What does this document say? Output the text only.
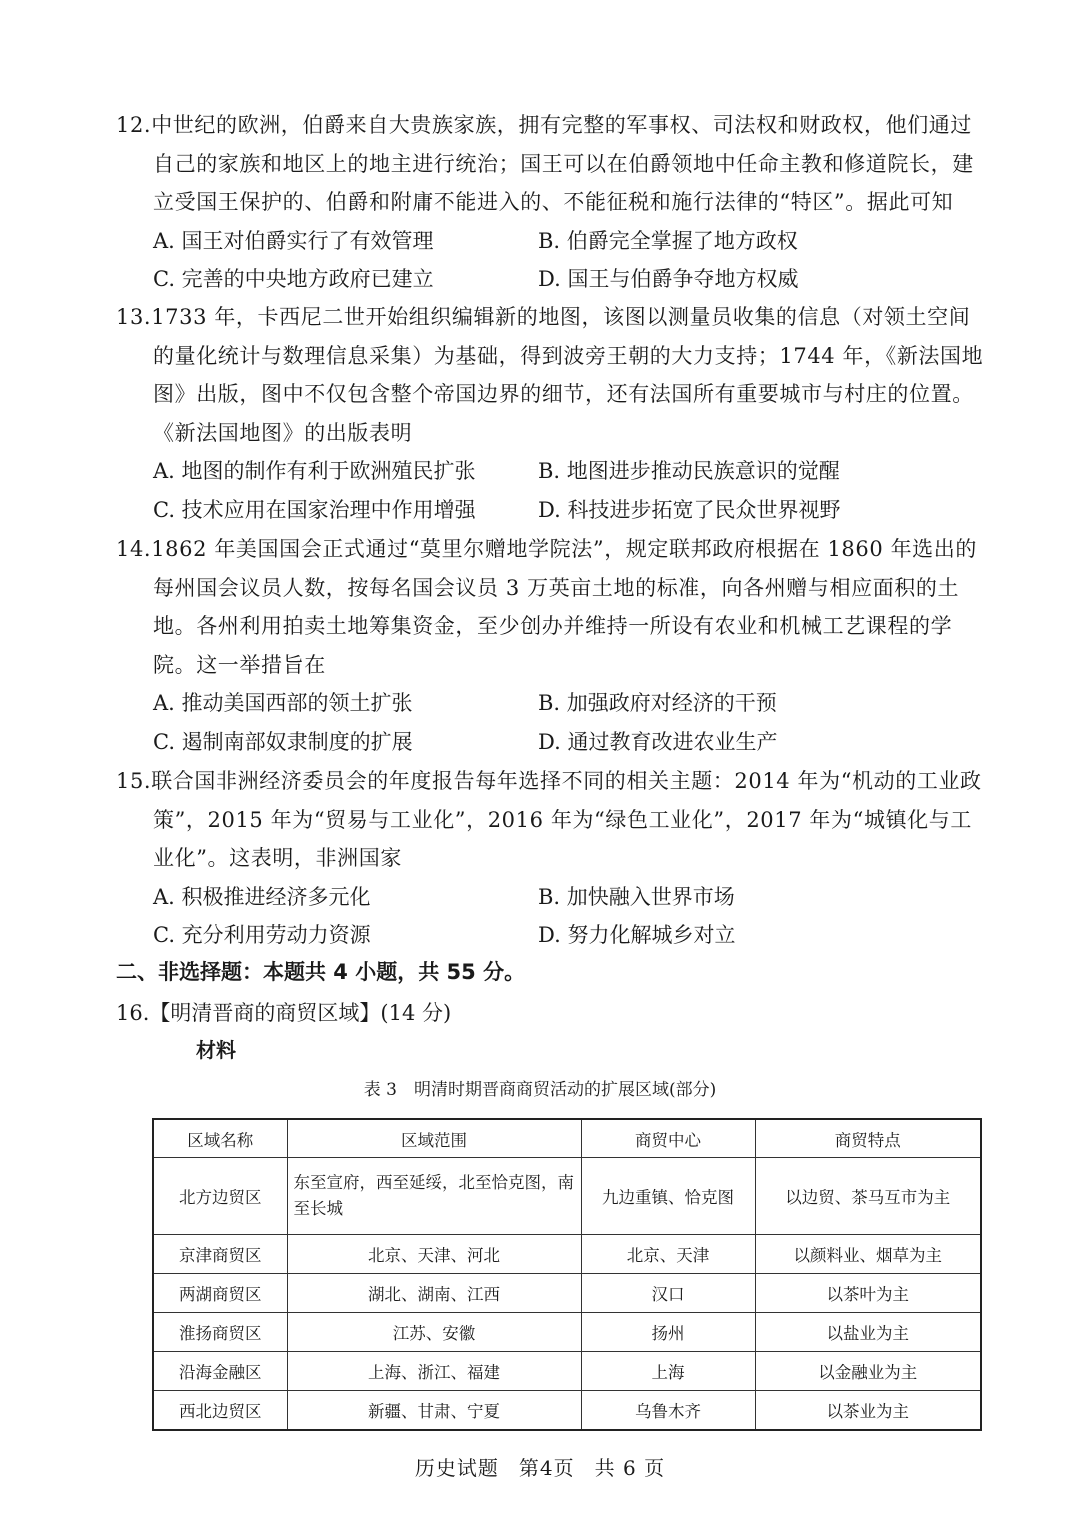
12.中世纪的欧洲，伯爵来自大贵族家族，拥有完整的军事权、司法权和财政权，他们通过自己的家族和地区上的地主进行统治；国王可以在伯爵领地中任命主教和修道院长，建立受国王保护的、伯爵和附庸不能进入的、不能征税和施行法律的“特区”。据此可知
A. 国王对伯爵实行了有效管理	B. 伯爵完全掌握了地方政权
C. 完善的中央地方政府已建立	D. 国王与伯爵争夺地方权威
13.1733 年，卡西尼二世开始组织编辑新的地图，该图以测量员收集的信息（对领土空间的量化统计与数理信息采集）为基础，得到波旁王朝的大力支持；1744 年，《新法国地图》出版，图中不仅包含整个帝国边界的细节，还有法国所有重要城市与村庄的位置。《新法国地图》的出版表明
A. 地图的制作有利于欧洲殖民扩张	B. 地图进步推动民族意识的觉醒
C. 技术应用在国家治理中作用增强	D. 科技进步拓宽了民众世界视野
14.1862 年美国国会正式通过“莫里尔赠地学院法”，规定联邦政府根据在 1860 年选出的每州国会议员人数，按每名国会议员 3 万英亩土地的标准，向各州赠与相应面积的土地。各州利用拍卖土地筹集资金，至少创办并维持一所设有农业和机械工艺课程的学院。这一举措旨在
A. 推动美国西部的领土扩张	B. 加强政府对经济的干预
C. 遏制南部奴隶制度的扩展	D. 通过教育改进农业生产
15.联合国非洲经济委员会的年度报告每年选择不同的相关主题：2014 年为“机动的工业政策”，2015 年为“贸易与工业化”，2016 年为“绿色工业化”，2017 年为“城镇化与工业化”。这表明，非洲国家
A. 积极推进经济多元化	B. 加快融入世界市场
C. 充分利用劳动力资源	D. 努力化解城乡对立
二、非选择题：本题共 4 小题，共 55 分。
16.【明清晋商的商贸区域】(14 分)
材料
表 3　明清时期晋商商贸活动的扩展区域(部分)
区域名称	区域范围	商贸中心	商贸特点
北方边贸区	东至宣府，西至延绥，北至恰克图，南至长城	九边重镇、恰克图	以边贸、茶马互市为主
京津商贸区	北京、天津、河北	北京、天津	以颜料业、烟草为主
两湖商贸区	湖北、湖南、江西	汉口	以茶叶为主
淮扬商贸区	江苏、安徽	扬州	以盐业为主
沿海金融区	上海、浙江、福建	上海	以金融业为主
西北边贸区	新疆、甘肃、宁夏	乌鲁木齐	以茶业为主
历史试题 第4页 共 6 页
